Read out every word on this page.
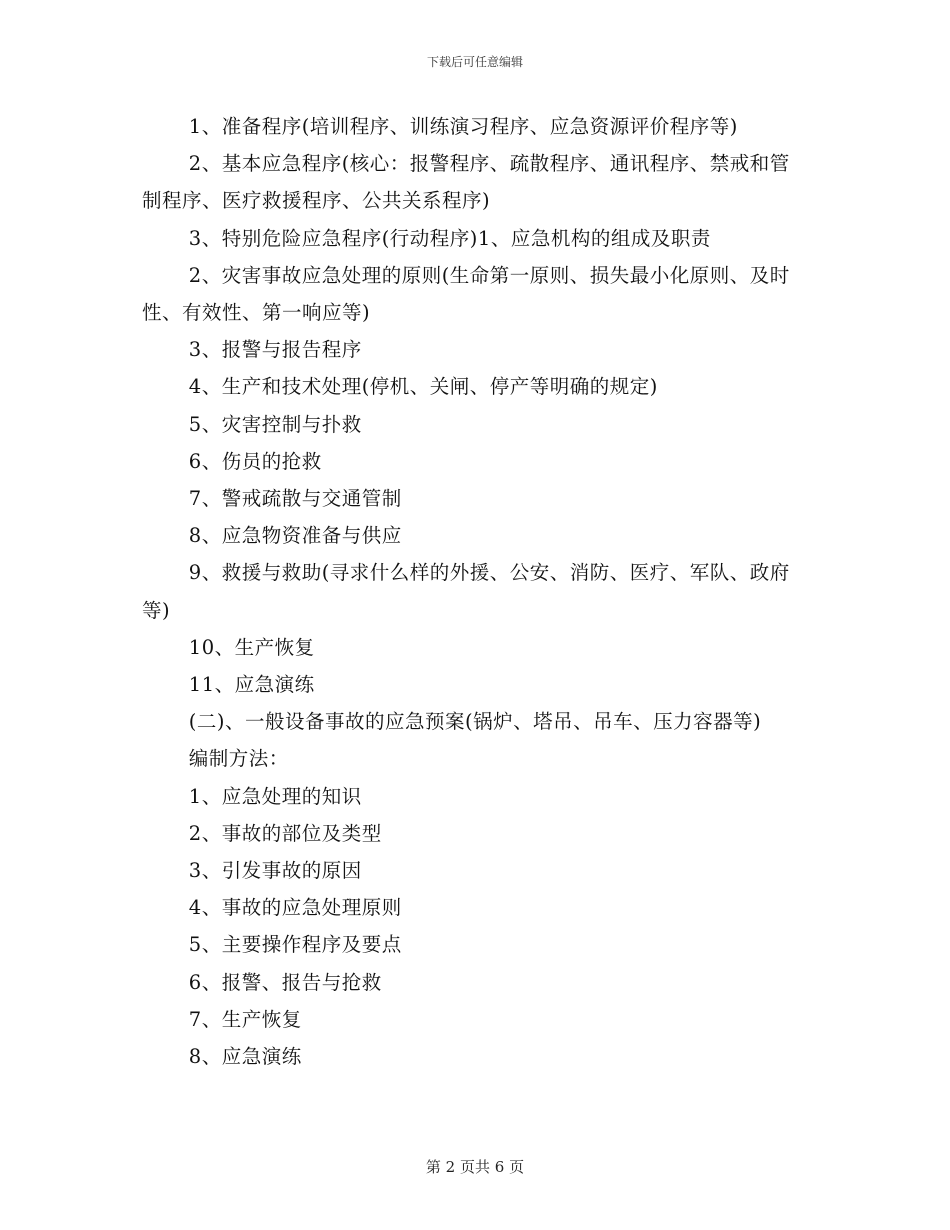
下载后可任意编辑

1、准备程序(培训程序、训练演习程序、应急资源评价程序等)

2、基本应急程序(核心：报警程序、疏散程序、通讯程序、禁戒和管制程序、医疗救援程序、公共关系程序)

3、特别危险应急程序(行动程序)1、应急机构的组成及职责

2、灾害事故应急处理的原则(生命第一原则、损失最小化原则、及时性、有效性、第一响应等)

3、报警与报告程序

4、生产和技术处理(停机、关闸、停产等明确的规定)

5、灾害控制与扑救

6、伤员的抢救

7、警戒疏散与交通管制

8、应急物资准备与供应

9、救援与救助(寻求什么样的外援、公安、消防、医疗、军队、政府等)

10、生产恢复

11、应急演练

(二)、一般设备事故的应急预案(锅炉、塔吊、吊车、压力容器等)

编制方法：

1、应急处理的知识

2、事故的部位及类型

3、引发事故的原因

4、事故的应急处理原则

5、主要操作程序及要点

6、报警、报告与抢救

7、生产恢复

8、应急演练

第 2 页共 6 页
